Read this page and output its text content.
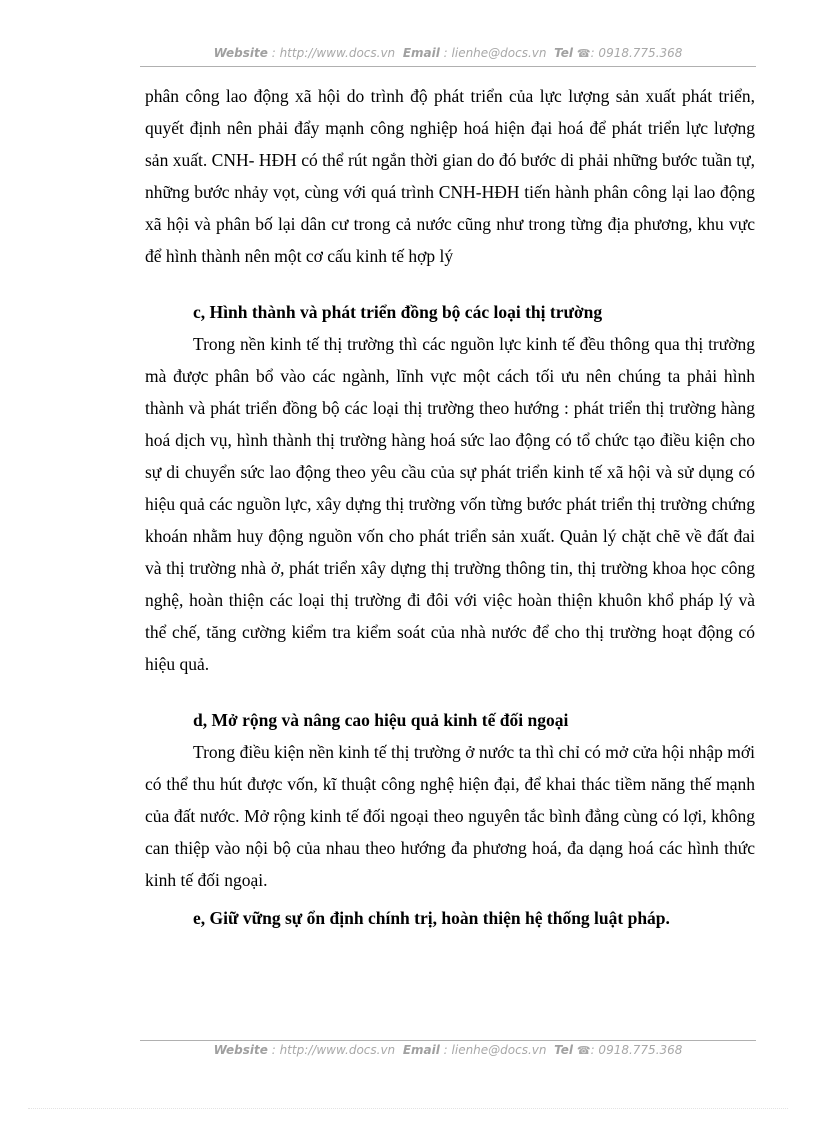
Website : http://www.docs.vn Email : lienhe@docs.vn Tel ☎: 0918.775.368

phân công lao động xã hội do trình độ phát triển của lực lượng sản xuất phát triển, quyết định nên phải đẩy mạnh công nghiệp hoá hiện đại hoá để phát triển lực lượng sản xuất. CNH- HĐH có thể rút ngắn thời gian do đó bước di phải những bước tuần tự, những bước nhảy vọt, cùng với quá trình CNH-HĐH tiến hành phân công lại lao động xã hội và phân bố lại dân cư trong cả nước cũng như trong từng địa phương, khu vực để hình thành nên một cơ cấu kinh tế hợp lý

c, Hình thành và phát triển đồng bộ các loại thị trường

Trong nền kinh tế thị trường thì các nguồn lực kinh tế đều thông qua thị trường mà được phân bổ vào các ngành, lĩnh vực một cách tối ưu nên chúng ta phải hình thành và phát triển đồng bộ các loại thị trường theo hướng : phát triển thị trường hàng hoá dịch vụ, hình thành thị trường hàng hoá sức lao động có tổ chức tạo điều kiện cho sự di chuyển sức lao động theo yêu cầu của sự phát triển kinh tế xã hội và sử dụng có hiệu quả các nguồn lực, xây dựng thị trường vốn từng bước phát triển thị trường chứng khoán nhằm huy động nguồn vốn cho phát triển sản xuất. Quản lý chặt chẽ về đất đai và thị trường nhà ở, phát triển xây dựng thị trường thông tin, thị trường khoa học công nghệ, hoàn thiện các loại thị trường đi đôi với việc hoàn thiện khuôn khổ pháp lý và thể chế, tăng cường kiểm tra kiểm soát của nhà nước để cho thị trường hoạt động có hiệu quả.

d, Mở rộng và nâng cao hiệu quả kinh tế đối ngoại

Trong điều kiện nền kinh tế thị trường ở nước ta thì chỉ có mở cửa hội nhập mới có thể thu hút được vốn, kĩ thuật công nghệ hiện đại, để khai thác tiềm năng thế mạnh của đất nước. Mở rộng kinh tế đối ngoại theo nguyên tắc bình đẳng cùng có lợi, không can thiệp vào nội bộ của nhau theo hướng đa phương hoá, đa dạng hoá các hình thức kinh tế đối ngoại.

e, Giữ vững sự ổn định chính trị, hoàn thiện hệ thống luật pháp.

Website : http://www.docs.vn Email : lienhe@docs.vn Tel ☎: 0918.775.368
